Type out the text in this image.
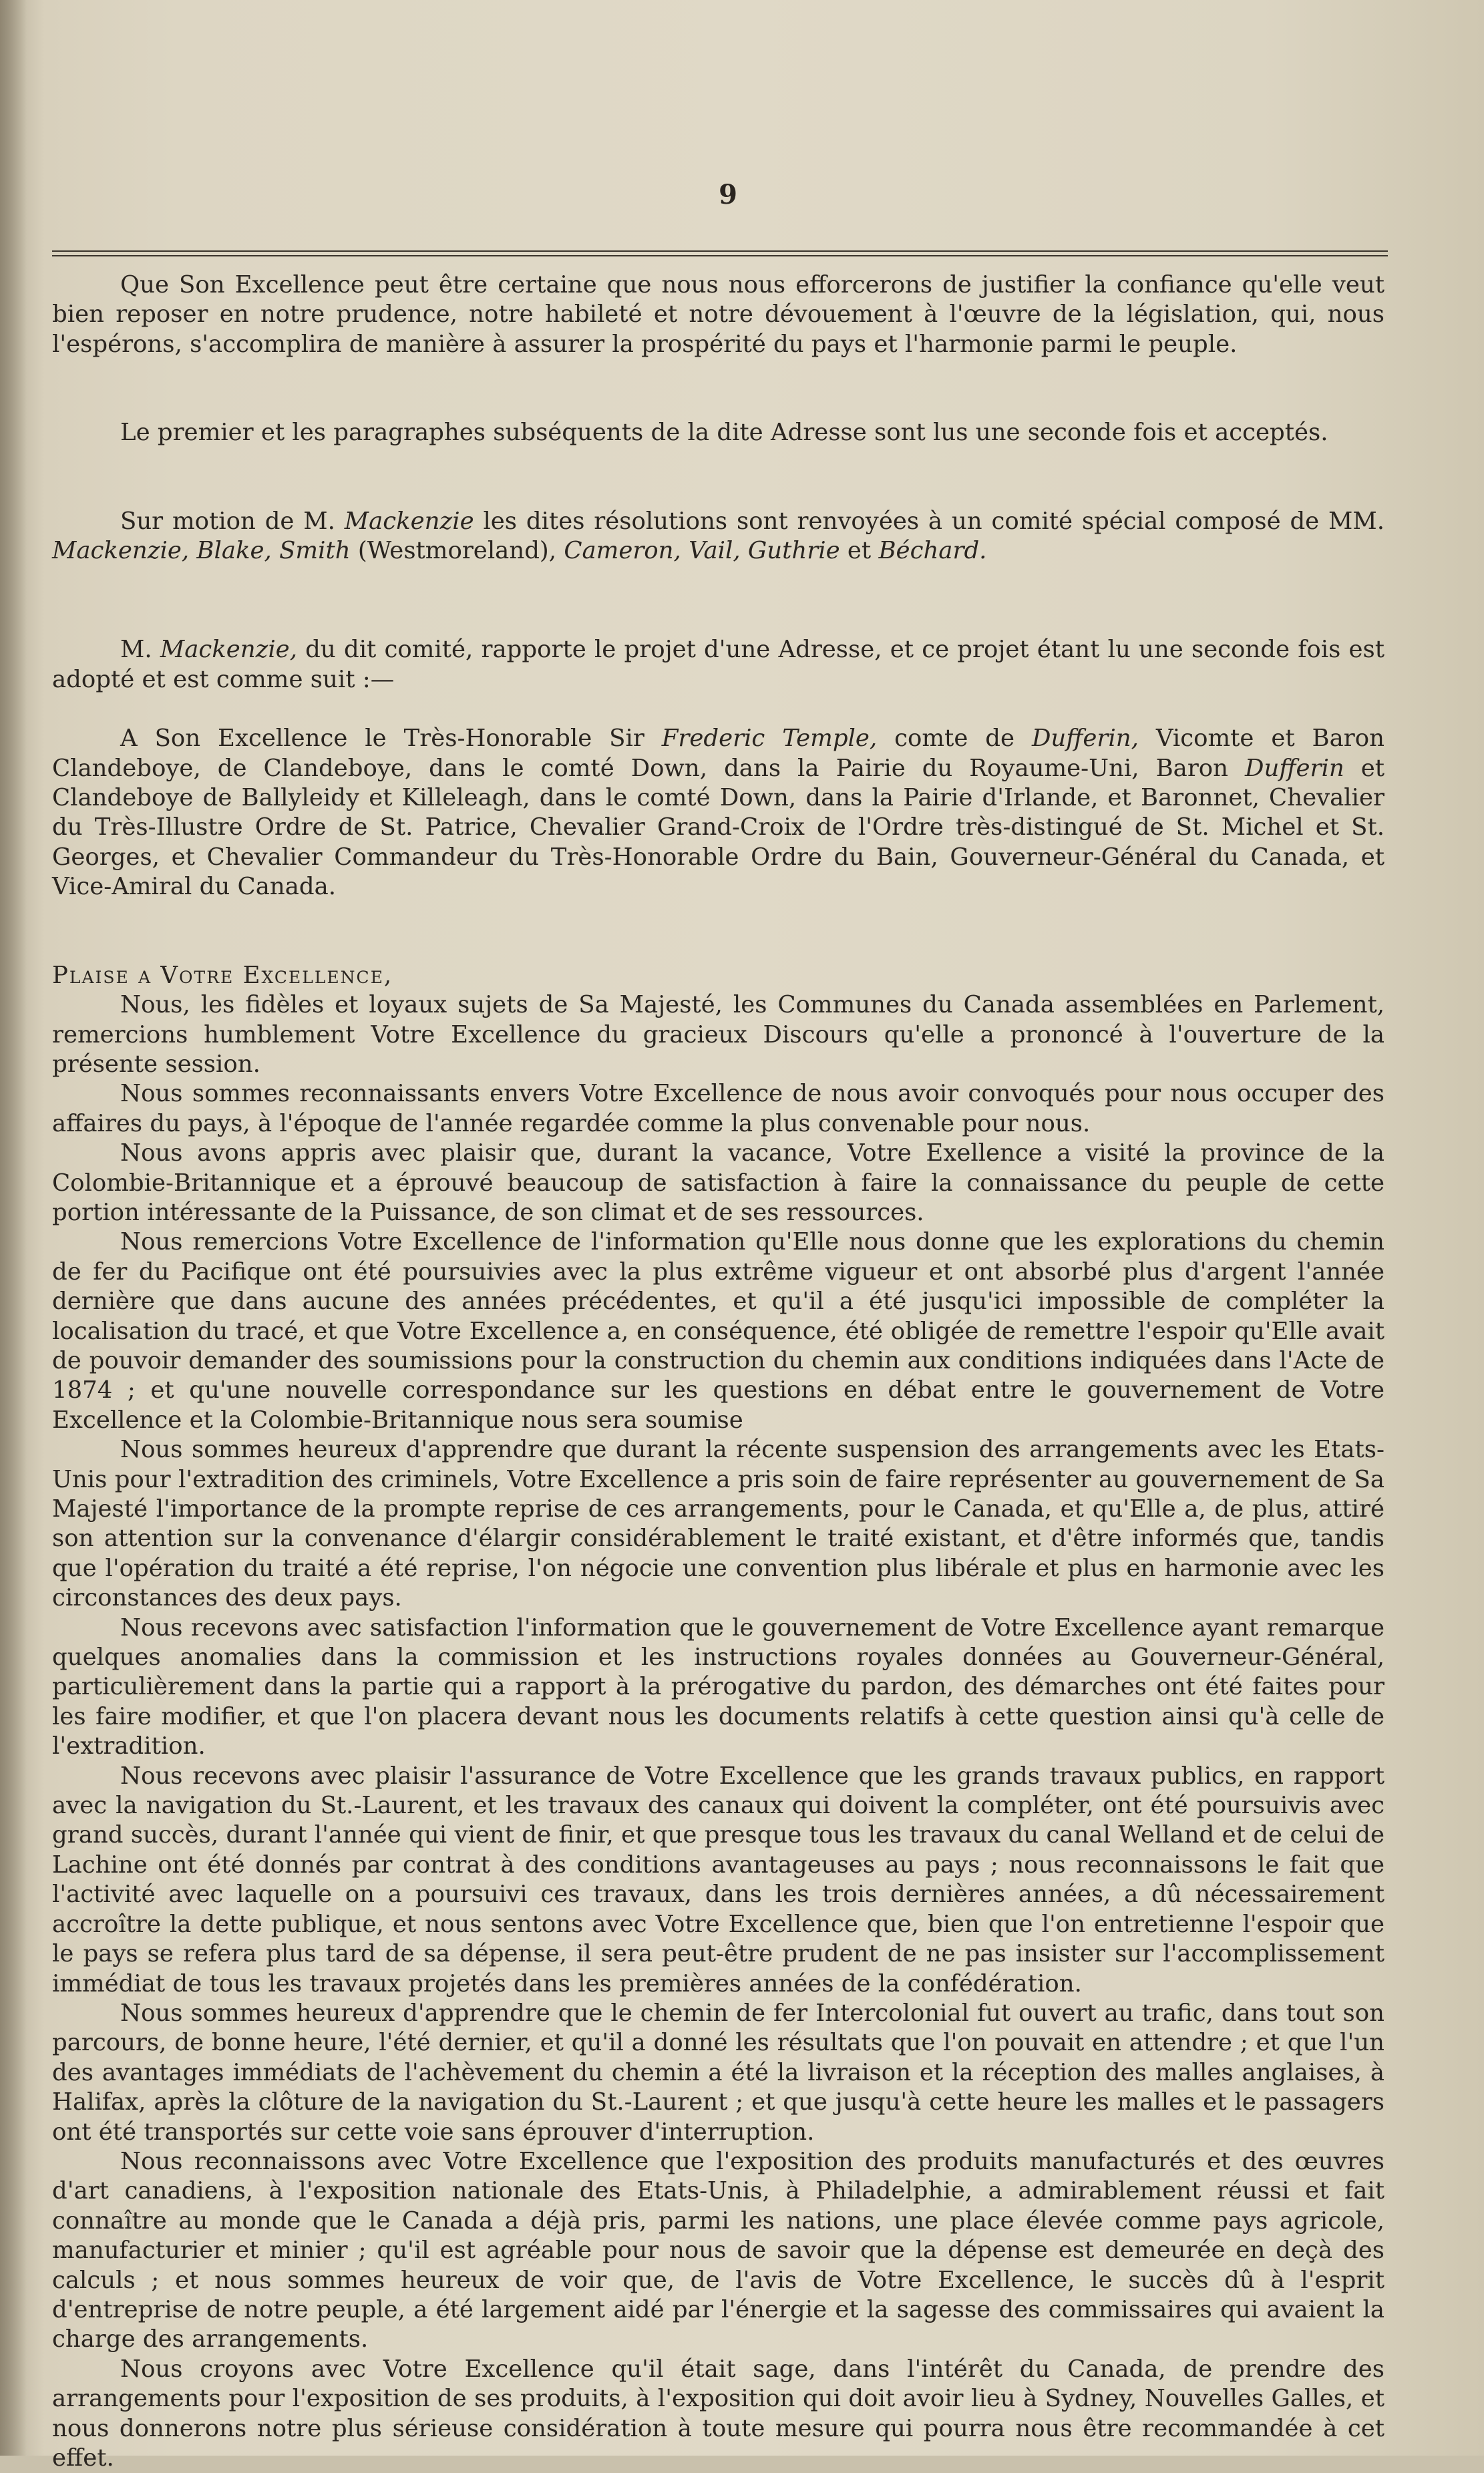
9

Que Son Excellence peut être certaine que nous nous efforcerons de justifier la confiance qu'elle veut bien reposer en notre prudence, notre habileté et notre dévouement à l'œuvre de la législation, qui, nous l'espérons, s'accomplira de manière à assurer la prospérité du pays et l'harmonie parmi le peuple.

Le premier et les paragraphes subséquents de la dite Adresse sont lus une seconde fois et acceptés.

Sur motion de M. Mackenzie les dites résolutions sont renvoyées à un comité spécial composé de MM. Mackenzie, Blake, Smith (Westmoreland), Cameron, Vail, Guthrie et Béchard.

M. Mackenzie, du dit comité, rapporte le projet d'une Adresse, et ce projet étant lu une seconde fois est adopté et est comme suit :—

A Son Excellence le Très-Honorable Sir Frederic Temple, comte de Dufferin, Vicomte et Baron Clandeboye, de Clandeboye, dans le comté Down, dans la Pairie du Royaume-Uni, Baron Dufferin et Clandeboye de Ballyleidy et Killeleagh, dans le comté Down, dans la Pairie d'Irlande, et Baronnet, Chevalier du Très-Illustre Ordre de St. Patrice, Chevalier Grand-Croix de l'Ordre très-distingué de St. Michel et St. Georges, et Chevalier Commandeur du Très-Honorable Ordre du Bain, Gouverneur-Général du Canada, et Vice-Amiral du Canada.

Plaise a Votre Excellence,

Nous, les fidèles et loyaux sujets de Sa Majesté, les Communes du Canada assemblées en Parlement, remercions humblement Votre Excellence du gracieux Discours qu'elle a prononcé à l'ouverture de la présente session.

Nous sommes reconnaissants envers Votre Excellence de nous avoir convoqués pour nous occuper des affaires du pays, à l'époque de l'année regardée comme la plus convenable pour nous.

Nous avons appris avec plaisir que, durant la vacance, Votre Exellence a visité la province de la Colombie-Britannique et a éprouvé beaucoup de satisfaction à faire la connaissance du peuple de cette portion intéressante de la Puissance, de son climat et de ses ressources.

Nous remercions Votre Excellence de l'information qu'Elle nous donne que les explorations du chemin de fer du Pacifique ont été poursuivies avec la plus extrême vigueur et ont absorbé plus d'argent l'année dernière que dans aucune des années précédentes, et qu'il a été jusqu'ici impossible de compléter la localisation du tracé, et que Votre Excellence a, en conséquence, été obligée de remettre l'espoir qu'Elle avait de pouvoir demander des soumissions pour la construction du chemin aux conditions indiquées dans l'Acte de 1874 ; et qu'une nouvelle correspondance sur les questions en débat entre le gouvernement de Votre Excellence et la Colombie-Britannique nous sera soumise

Nous sommes heureux d'apprendre que durant la récente suspension des arrangements avec les Etats-Unis pour l'extradition des criminels, Votre Excellence a pris soin de faire représenter au gouvernement de Sa Majesté l'importance de la prompte reprise de ces arrangements, pour le Canada, et qu'Elle a, de plus, attiré son attention sur la convenance d'élargir considérablement le traité existant, et d'être informés que, tandis que l'opération du traité a été reprise, l'on négocie une convention plus libérale et plus en harmonie avec les circonstances des deux pays.

Nous recevons avec satisfaction l'information que le gouvernement de Votre Excellence ayant remarque quelques anomalies dans la commission et les instructions royales données au Gouverneur-Général, particulièrement dans la partie qui a rapport à la prérogative du pardon, des démarches ont été faites pour les faire modifier, et que l'on placera devant nous les documents relatifs à cette question ainsi qu'à celle de l'extradition.

Nous recevons avec plaisir l'assurance de Votre Excellence que les grands travaux publics, en rapport avec la navigation du St.-Laurent, et les travaux des canaux qui doivent la compléter, ont été poursuivis avec grand succès, durant l'année qui vient de finir, et que presque tous les travaux du canal Welland et de celui de Lachine ont été donnés par contrat à des conditions avantageuses au pays ; nous reconnaissons le fait que l'activité avec laquelle on a poursuivi ces travaux, dans les trois dernières années, a dû nécessairement accroître la dette publique, et nous sentons avec Votre Excellence que, bien que l'on entretienne l'espoir que le pays se refera plus tard de sa dépense, il sera peut-être prudent de ne pas insister sur l'accomplissement immédiat de tous les travaux projetés dans les premières années de la confédération.

Nous sommes heureux d'apprendre que le chemin de fer Intercolonial fut ouvert au trafic, dans tout son parcours, de bonne heure, l'été dernier, et qu'il a donné les résultats que l'on pouvait en attendre ; et que l'un des avantages immédiats de l'achèvement du chemin a été la livraison et la réception des malles anglaises, à Halifax, après la clôture de la navigation du St.-Laurent ; et que jusqu'à cette heure les malles et le passagers ont été transportés sur cette voie sans éprouver d'interruption.

Nous reconnaissons avec Votre Excellence que l'exposition des produits manufacturés et des œuvres d'art canadiens, à l'exposition nationale des Etats-Unis, à Philadelphie, a admirablement réussi et fait connaître au monde que le Canada a déjà pris, parmi les nations, une place élevée comme pays agricole, manufacturier et minier ; qu'il est agréable pour nous de savoir que la dépense est demeurée en deçà des calculs ; et nous sommes heureux de voir que, de l'avis de Votre Excellence, le succès dû à l'esprit d'entreprise de notre peuple, a été largement aidé par l'énergie et la sagesse des commissaires qui avaient la charge des arrangements.

Nous croyons avec Votre Excellence qu'il était sage, dans l'intérêt du Canada, de prendre des arrangements pour l'exposition de ses produits, à l'exposition qui doit avoir lieu à Sydney, Nouvelles Galles, et nous donnerons notre plus sérieuse considération à toute mesure qui pourra nous être recommandée à cet effet.
